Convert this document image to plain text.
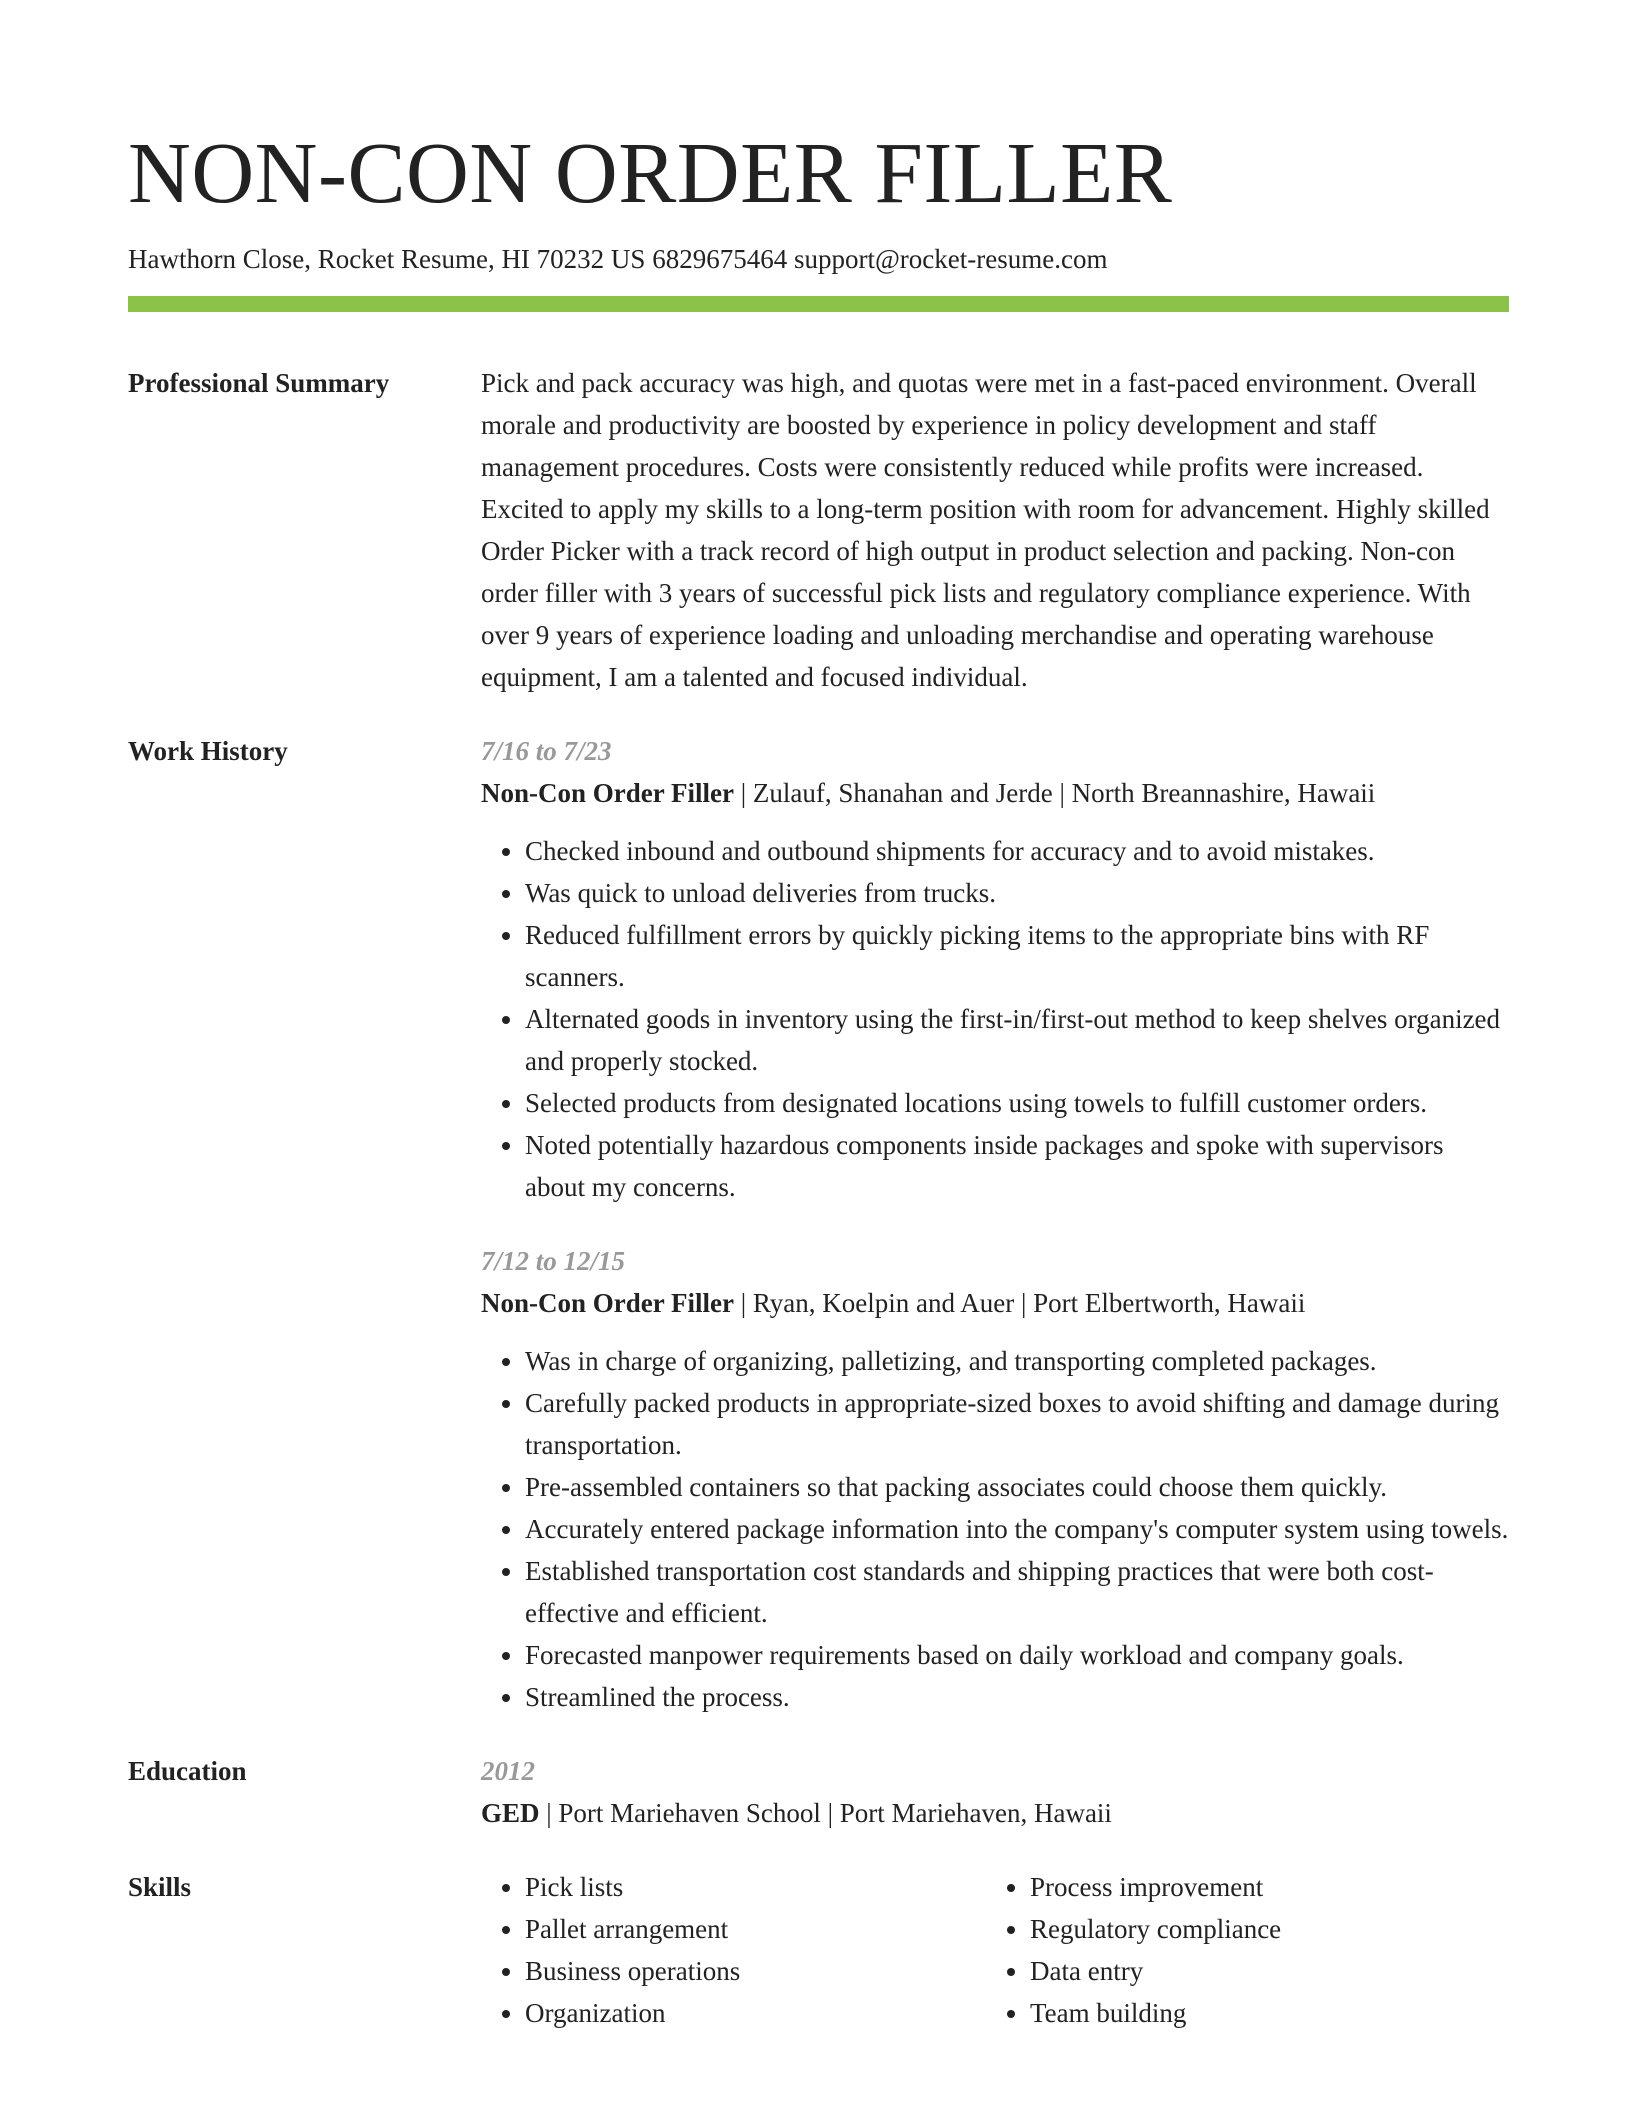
NON-CON ORDER FILLER
Hawthorn Close, Rocket Resume, HI 70232 US 6829675464 support@rocket-resume.com
Professional Summary	Pick and pack accuracy was high, and quotas were met in a fast-paced environment. Overall morale and productivity are boosted by experience in policy development and staff management procedures. Costs were consistently reduced while profits were increased. Excited to apply my skills to a long-term position with room for advancement. Highly skilled Order Picker with a track record of high output in product selection and packing. Non-con order filler with 3 years of successful pick lists and regulatory compliance experience. With over 9 years of experience loading and unloading merchandise and operating warehouse equipment, I am a talented and focused individual.

Work History	7/16 to 7/23
Non-Con Order Filler | Zulauf, Shanahan and Jerde | North Breannashire, Hawaii
• Checked inbound and outbound shipments for accuracy and to avoid mistakes.
• Was quick to unload deliveries from trucks.
• Reduced fulfillment errors by quickly picking items to the appropriate bins with RF scanners.
• Alternated goods in inventory using the first-in/first-out method to keep shelves organized and properly stocked.
• Selected products from designated locations using towels to fulfill customer orders.
• Noted potentially hazardous components inside packages and spoke with supervisors about my concerns.
7/12 to 12/15
Non-Con Order Filler | Ryan, Koelpin and Auer | Port Elbertworth, Hawaii
• Was in charge of organizing, palletizing, and transporting completed packages.
• Carefully packed products in appropriate-sized boxes to avoid shifting and damage during transportation.
• Pre-assembled containers so that packing associates could choose them quickly.
• Accurately entered package information into the company's computer system using towels.
• Established transportation cost standards and shipping practices that were both cost-effective and efficient.
• Forecasted manpower requirements based on daily workload and company goals.
• Streamlined the process.
Education	2012
GED | Port Mariehaven School | Port Mariehaven, Hawaii
Skills
•	Pick lists
• Pallet arrangement
• Business operations
• Organization
• Process improvement
• Regulatory compliance
• Data entry
• Team building
